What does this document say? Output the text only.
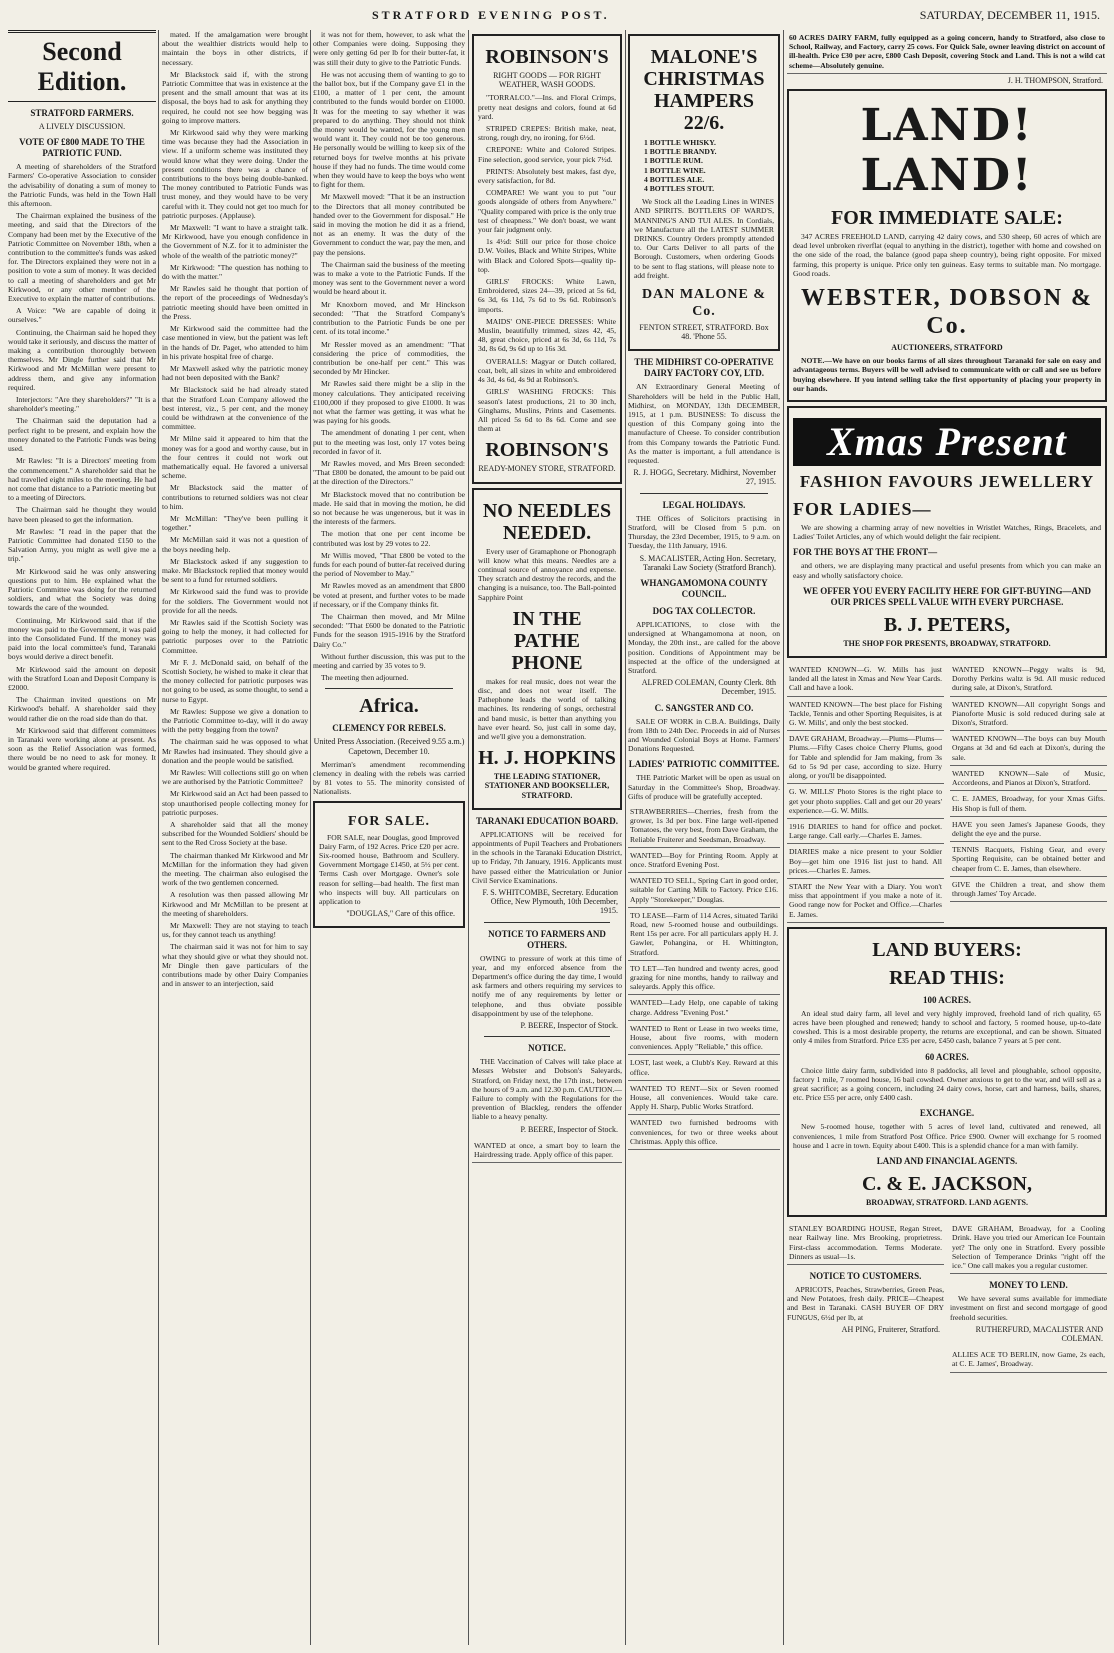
STRATFORD EVENING POST.	SATURDAY, DECEMBER 11, 1915.
Second Edition.
STRATFORD FARMERS.
A LIVELY DISCUSSION.
VOTE OF £800 MADE TO THE PATRIOTIC FUND.
A meeting of shareholders of the Stratford Farmers' Co-operative Association to consider the advisability of donating a sum of money to the Patriotic Funds, was held in the Town Hall this afternoon.
The Chairman explained the business of the meeting, and said that the Directors of the Company had been met by the Executive of the Patriotic Committee on November 18th, when a contribution to the committee's funds was asked for. The Directors explained they were not in a position to vote a sum of money. It was decided to call a meeting of shareholders and get Mr Kirkwood, or any other member of the Executive to explain the matter of contributions.
A Voice: "We are capable of doing it ourselves."
Continuing, the Chairman said he hoped they would take it seriously, and discuss the matter of making a contribution thoroughly between themselves. Mr Dingle further said that Mr Kirkwood and Mr McMillan were present to address them, and give any information required.
Interjectors: "Are they shareholders?" "It is a shareholder's meeting."
The Chairman said the deputation had a perfect right to be present, and explain how the money donated to the Patriotic Funds was being used.
Mr Rawles: "It is a Directors' meeting from the commencement." A shareholder said that he had travelled eight miles to the meeting. He had not come that distance to a Patriotic meeting but to a meeting of Directors.
The Chairman said he thought they would have been pleased to get the information.
Mr Rawles: "I read in the paper that the Patriotic Committee had donated £150 to the Salvation Army, you might as well give me a trip."
Mr Kirkwood said he was only answering questions put to him. He explained what the Patriotic Committee was doing for the returned soldiers, and what the Society was doing towards the care of the wounded.
Continuing, Mr Kirkwood said that if the money was paid to the Government, it was paid into the Consolidated Fund. If the money was paid into the local committee's fund, Taranaki boys would derive a direct benefit.
Mr Kirkwood said the amount on deposit with the Stratford Loan and Deposit Company is £2000.
The Chairman invited questions on Mr Kirkwood's behalf. A shareholder said they would rather die on the road side than do that.
Mr Kirkwood said that different committees in Taranaki were working alone at present. As soon as the Relief Association was formed, there would be no need to ask for money. It would be granted where required.
mated. If the amalgamation were brought about the wealthier districts would help to maintain the boys in other districts, if necessary.
Mr Blackstock said if, with the strong Patriotic Committee that was in existence at the present and the small amount that was at its disposal, the boys had to ask for anything they required, he could not see how begging was going to improve matters.
Mr Kirkwood said why they were marking time was because they had the Association in view. If a uniform scheme was instituted they would know what they were doing. Under the present conditions there was a chance of contributions to the boys being double-banked. The money contributed to Patriotic Funds was trust money, and they would have to be very careful with it. They could not get too much for patriotic purposes. (Applause).
Mr Maxwell: "I want to have a straight talk. Mr Kirkwood, have you enough confidence in the Government of N.Z. for it to administer the whole of the wealth of the patriotic money?"
Mr Kirkwood: "The question has nothing to do with the matter."
Mr Rawles said he thought that portion of the report of the proceedings of Wednesday's patriotic meeting should have been omitted in the Press.
Mr Kirkwood said the committee had the case mentioned in view, but the patient was left in the hands of Dr. Paget, who attended to him in his private hospital free of charge.
Mr Maxwell asked why the patriotic money had not been deposited with the Bank?
Mr Blackstock said he had already stated that the Stratford Loan Company allowed the best interest, viz., 5 per cent, and the money could be withdrawn at the convenience of the committee.
Mr Milne said it appeared to him that the money was for a good and worthy cause, but in the four centres it could not work out mathematically equal. He favored a universal scheme.
Mr Blackstock said the matter of contributions to returned soldiers was not clear to him.
Mr McMillan: "They've been pulling it together."
Mr McMillan said it was not a question of the boys needing help.
Mr Blackstock asked if any suggestion to make. Mr Blackstock replied that money would be sent to a fund for returned soldiers.
Mr Kirkwood said the fund was to provide for the soldiers. The Government would not provide for all the needs.
Mr Rawles said if the Scottish Society was going to help the money, it had collected for patriotic purposes over to the Patriotic Committee.
Mr F. J. McDonald said, on behalf of the Scottish Society, he wished to make it clear that the money collected for patriotic purposes was not going to be used, as some thought, to send a nurse to Egypt.
Mr Rawles: Suppose we give a donation to the Patriotic Committee to-day, will it do away with the petty begging from the town?
The chairman said he was opposed to what Mr Rawles had insinuated. They should give a donation and the people would be satisfied.
Mr Rawles: Will collections still go on when we are authorised by the Patriotic Committee?
Mr Kirkwood said an Act had been passed to stop unauthorised people collecting money for patriotic purposes.
A shareholder said that all the money subscribed for the Wounded Soldiers' should be sent to the Red Cross Society at the base.
The chairman thanked Mr Kirkwood and Mr McMillan for the information they had given the meeting. The chairman also eulogised the work of the two gentlemen concerned.
A resolution was then passed allowing Mr Kirkwood and Mr McMillan to be present at the meeting of shareholders.
Mr Maxwell: They are not staying to teach us, for they cannot teach us anything!
The chairman said it was not for him to say what they should give or what they should not. Mr Dingle then gave particulars of the contributions made by other Dairy Companies and in answer to an interjection, said
it was not for them, however, to ask what the other Companies were doing. Supposing they were only getting 6d per lb for their butter-fat, it was still their duty to give to the Patriotic Funds.
He was not accusing them of wanting to go to the ballot box, but if the Company gave £1 in the £100, a matter of 1 per cent, the amount contributed to the funds would border on £1000. It was for the meeting to say whether it was prepared to do anything. They should not think the money would be wanted, for the young men would want it. They could not be too generous. He personally would be willing to keep six of the returned boys for twelve months at his private house if they had no funds. The time would come when they would have to keep the boys who went to fight for them.
Mr Maxwell moved: "That it be an instruction to the Directors that all money contributed be handed over to the Government for disposal." He said in moving the motion he did it as a friend, not as an enemy. It was the duty of the Government to conduct the war, pay the men, and pay the pensions.
The Chairman said the business of the meeting was to make a vote to the Patriotic Funds. If the money was sent to the Government never a word would be heard about it.
Mr Knoxborn moved, and Mr Hinckson seconded: "That the Stratford Company's contribution to the Patriotic Funds be one per cent. of its total income."
Mr Ressler moved as an amendment: "That considering the price of commodities, the contribution be one-half per cent." This was seconded by Mr Hincker.
Mr Rawles said there might be a slip in the money calculations. They anticipated receiving £100,000 if they proposed to give £1000. It was not what the farmer was getting, it was what he was paying for his goods.
The amendment of donating 1 per cent, when put to the meeting was lost, only 17 votes being recorded in favor of it.
Mr Rawles moved, and Mrs Breen seconded: "That £800 be donated, the amount to be paid out at the direction of the Directors."
Mr Blackstock moved that no contribution be made. He said that in moving the motion, he did so not because he was ungenerous, but it was in the interests of the farmers.
The motion that one per cent income be contributed was lost by 29 votes to 22.
Mr Willis moved, "That £800 be voted to the funds for each pound of butter-fat received during the period of November to May."
Mr Rawles moved as an amendment that £800 be voted at present, and further votes to be made if necessary, or if the Company thinks fit.
The Chairman then moved, and Mr Milne seconded: "That £600 be donated to the Patriotic Funds for the season 1915-1916 by the Stratford Dairy Co."
Without further discussion, this was put to the meeting and carried by 35 votes to 9.
The meeting then adjourned.
Africa.
CLEMENCY FOR REBELS.
United Press Association. (Received 9.55 a.m.) Capetown, December 10.
Merriman's amendment recommending clemency in dealing with the rebels was carried by 81 votes to 55. The minority consisted of Nationalists.
FOR SALE.
FOR SALE, near Douglas, good Improved Dairy Farm, of 192 Acres. Price £20 per acre. Six-roomed house, Bathroom and Scullery. Government Mortgage £1450, at 5½ per cent. Terms Cash over Mortgage. Owner's sole reason for selling—bad health. The first man who inspects will buy. All particulars on application to
"DOUGLAS," Care of this office.
ROBINSON'S
RIGHT GOODS — FOR RIGHT WEATHER, WASH GOODS.
"TORRALCO."—Ins. and Floral Crimps, pretty neat designs and colors, found at 6d yard.
STRIPED CREPES: British make, neat, strong, rough dry, no ironing, for 6½d.
CREPONE: White and Colored Stripes. Fine selection, good service, your pick 7½d.
PRINTS: Absolutely best makes, fast dye, every satisfaction, for 8d.
COMPARE! We want you to put "our goods alongside of others from Anywhere." "Quality compared with price is the only true test of cheapness." We don't boast, we want your fair judgment only.
1s 4½d: Still our price for those choice D.W. Voiles, Black and White Stripes, White with Black and Colored Spots—quality tip-top.
GIRLS' FROCKS: White Lawn, Embroidered, sizes 24—39, priced at 5s 6d, 6s 3d, 6s 11d, 7s 6d to 9s 6d. Robinson's imports.
MAIDS' ONE-PIECE DRESSES: White Muslin, beautifully trimmed, sizes 42, 45, 48, great choice, priced at 6s 3d, 6s 11d, 7s 3d, 8s 6d, 9s 6d up to 16s 3d.
OVERALLS: Magyar or Dutch collared, coat, belt, all sizes in white and embroidered 4s 3d, 4s 6d, 4s 9d at Robinson's.
GIRLS' WASHING FROCKS: This season's latest productions, 21 to 30 inch, Ginghams, Muslins, Prints and Casements. All priced 5s 6d to 8s 6d. Come and see them at
ROBINSON'S
READY-MONEY STORE, STRATFORD.
NO NEEDLES NEEDED.
Every user of Gramaphone or Phonograph will know what this means. Needles are a continual source of annoyance and expense. They scratch and destroy the records, and the changing is a nuisance, too. The Ball-pointed Sapphire Point
IN THE PATHE PHONE
makes for real music, does not wear the disc, and does not wear itself. The Pathephone leads the world of talking machines. Its rendering of songs, orchestral and band music, is better than anything you have ever heard. So, just call in some day, and we'll give you a demonstration.
H. J. HOPKINS
THE LEADING STATIONER, STATIONER AND BOOKSELLER, STRATFORD.
TARANAKI EDUCATION BOARD.
APPLICATIONS will be received for appointments of Pupil Teachers and Probationers in the schools in the Taranaki Education District, up to Friday, 7th January, 1916. Applicants must have passed either the Matriculation or Junior Civil Service Examinations.
F. S. WHITCOMBE, Secretary. Education Office, New Plymouth, 10th December, 1915.
NOTICE TO FARMERS AND OTHERS.
OWING to pressure of work at this time of year, and my enforced absence from the Department's office during the day time, I would ask farmers and others requiring my services to notify me of any requirements by letter or telephone, and thus obviate possible disappointment by use of the telephone.
P. BEERE, Inspector of Stock.
NOTICE.
THE Vaccination of Calves will take place at Messrs Webster and Dobson's Saleyards, Stratford, on Friday next, the 17th inst., between the hours of 9 a.m. and 12.30 p.m. CAUTION.—Failure to comply with the Regulations for the prevention of Blackleg, renders the offender liable to a heavy penalty.
P. BEERE, Inspector of Stock.
WANTED at once, a smart boy to learn the Hairdressing trade. Apply office of this paper.
MALONE'S CHRISTMAS HAMPERS 22/6.
1 BOTTLE WHISKY.
1 BOTTLE BRANDY.
1 BOTTLE RUM.
1 BOTTLE WINE.
4 BOTTLES ALE.
4 BOTTLES STOUT.
We Stock all the Leading Lines in WINES AND SPIRITS. BOTTLERS OF WARD'S, MANNING'S AND TUI ALES. In Cordials, we Manufacture all the LATEST SUMMER DRINKS. Country Orders promptly attended to. Our Carts Deliver to all parts of the Borough. Customers, when ordering Goods to be sent to flag stations, will please note to add freight.
DAN MALONE & Co.
FENTON STREET, STRATFORD. Box 48. 'Phone 55.
THE MIDHIRST CO-OPERATIVE DAIRY FACTORY COY, LTD.
AN Extraordinary General Meeting of Shareholders will be held in the Public Hall, Midhirst, on MONDAY, 13th DECEMBER, 1915, at 1 p.m. BUSINESS: To discuss the question of this Company going into the manufacture of Cheese. To consider contribution from this Company towards the Patriotic Fund. As the matter is important, a full attendance is requested.
R. J. HOGG, Secretary. Midhirst, November 27, 1915.
LEGAL HOLIDAYS.
THE Offices of Solicitors practising in Stratford, will be Closed from 5 p.m. on Thursday, the 23rd December, 1915, to 9 a.m. on Tuesday, the 11th January, 1916.
S. MACALISTER, Acting Hon. Secretary, Taranaki Law Society (Stratford Branch).
WHANGAMOMONA COUNTY COUNCIL.
DOG TAX COLLECTOR.
APPLICATIONS, to close with the undersigned at Whangamomona at noon, on Monday, the 20th inst., are called for the above position. Conditions of Appointment may be inspected at the office of the undersigned at Stratford.
ALFRED COLEMAN, County Clerk. 8th December, 1915.
C. SANGSTER AND CO.
SALE OF WORK in C.B.A. Buildings, Daily from 18th to 24th Dec. Proceeds in aid of Nurses and Wounded Colonial Boys at Home. Farmers' Donations Requested.
LADIES' PATRIOTIC COMMITTEE.
THE Patriotic Market will be open as usual on Saturday in the Committee's Shop, Broadway. Gifts of produce will be gratefully accepted.
STRAWBERRIES—Cherries, fresh from the grower, 1s 3d per box. Fine large well-ripened Tomatoes, the very best, from Dave Graham, the Reliable Fruiterer and Seedsman, Broadway.
WANTED—Boy for Printing Room. Apply at once. Stratford Evening Post.
WANTED TO SELL, Spring Cart in good order, suitable for Carting Milk to Factory. Price £16. Apply "Storekeeper," Douglas.
TO LEASE—Farm of 114 Acres, situated Tariki Road, new 5-roomed house and outbuildings. Rent 15s per acre. For all particulars apply H. J. Gawler, Pohangina, or H. Whittington, Stratford.
TO LET—Ten hundred and twenty acres, good grazing for nine months, handy to railway and saleyards. Apply this office.
WANTED—Lady Help, one capable of taking charge. Address "Evening Post."
WANTED to Rent or Lease in two weeks time, House, about five rooms, with modern conveniences. Apply "Reliable," this office.
LOST, last week, a Clubb's Key. Reward at this office.
WANTED TO RENT—Six or Seven roomed House, all conveniences. Would take care. Apply H. Sharp, Public Works Stratford.
WANTED two furnished bedrooms with conveniences, for two or three weeks about Christmas. Apply this office.
60 ACRES DAIRY FARM, fully equipped as a going concern, handy to Stratford, also close to School, Railway, and Factory, carry 25 cows. For Quick Sale, owner leaving district on account of ill-health. Price £30 per acre, £800 Cash Deposit, covering Stock and Land. This is not a wild cat scheme—Absolutely genuine.
J. H. THOMPSON, Stratford.
LAND! LAND!
FOR IMMEDIATE SALE:
347 ACRES FREEHOLD LAND, carrying 42 dairy cows, and 530 sheep, 60 acres of which are dead level unbroken riverflat (equal to anything in the district), together with home and cowshed on the one side of the road, the balance (good papa sheep country), being right opposite. For mixed farming, this property is unique. Price only ten guineas. Easy terms to suitable man. No mortgage. Good roads.
WEBSTER, DOBSON & Co.
AUCTIONEERS, STRATFORD
NOTE.—We have on our books farms of all sizes throughout Taranaki for sale on easy and advantageous terms. Buyers will be well advised to communicate with or call and see us before buying elsewhere. If you intend selling take the first opportunity of placing your property in our hands.
Xmas Present
FASHION FAVOURS JEWELLERY
FOR LADIES—
We are showing a charming array of new novelties in Wristlet Watches, Rings, Bracelets, and Ladies' Toilet Articles, any of which would delight the fair recipient.
FOR THE BOYS AT THE FRONT—
and others, we are displaying many practical and useful presents from which you can make an easy and wholly satisfactory choice.
WE OFFER YOU EVERY FACILITY HERE FOR GIFT-BUYING—AND OUR PRICES SPELL VALUE WITH EVERY PURCHASE.
B. J. PETERS,
THE SHOP FOR PRESENTS, BROADWAY, STRATFORD.
WANTED KNOWN—G. W. Mills has just landed all the latest in Xmas and New Year Cards. Call and have a look.
WANTED KNOWN—The best place for Fishing Tackle, Tennis and other Sporting Requisites, is at G. W. Mills', and only the best stocked.
DAVE GRAHAM, Broadway.—Plums—Plums—Plums.—Fifty Cases choice Cherry Plums, good for Table and splendid for Jam making, from 3s 6d to 5s 9d per case, according to size. Hurry along, or you'll be disappointed.
G. W. MILLS' Photo Stores is the right place to get your photo supplies. Call and get our 20 years' experience.—G. W. Mills.
1916 DIARIES to hand for office and pocket. Large range. Call early.—Charles E. James.
DIARIES make a nice present to your Soldier Boy—get him one 1916 list just to hand. All prices.—Charles E. James.
START the New Year with a Diary. You won't miss that appointment if you make a note of it. Good range now for Pocket and Office.—Charles E. James.
WANTED KNOWN—Peggy walts is 9d, Dorothy Perkins waltz is 9d. All music reduced during sale, at Dixon's, Stratford.
WANTED KNOWN—All copyright Songs and Pianoforte Music is sold reduced during sale at Dixon's, Stratford.
WANTED KNOWN—The boys can buy Mouth Organs at 3d and 6d each at Dixon's, during the sale.
WANTED KNOWN—Sale of Music, Accordeons, and Pianos at Dixon's, Stratford.
C. E. JAMES, Broadway, for your Xmas Gifts. His Shop is full of them.
HAVE you seen James's Japanese Goods, they delight the eye and the purse.
TENNIS Racquets, Fishing Gear, and every Sporting Requisite, can be obtained better and cheaper from C. E. James, than elsewhere.
GIVE the Children a treat, and show them through James' Toy Arcade.
LAND BUYERS:
READ THIS:
100 ACRES.
An ideal stud dairy farm, all level and very highly improved, freehold land of rich quality, 65 acres have been ploughed and renewed; handy to school and factory, 5 roomed house, up-to-date cowshed. This is a most desirable property, the returns are exceptional, and can be shown. Situated only 4 miles from Stratford. Price £35 per acre, £450 cash, balance 7 years at 5 per cent.
60 ACRES.
Choice little dairy farm, subdivided into 8 paddocks, all level and ploughable, school opposite, factory 1 mile, 7 roomed house, 16 bail cowshed. Owner anxious to get to the war, and will sell as a great sacrifice; as a going concern, including 24 dairy cows, horse, cart and harness, bails, shares, etc. Price £55 per acre, only £400 cash.
EXCHANGE.
New 5-roomed house, together with 5 acres of level land, cultivated and renewed, all conveniences, 1 mile from Stratford Post Office. Price £900. Owner will exchange for 5 roomed house and 1 acre in town. Equity about £400. This is a splendid chance for a man with family.
LAND AND FINANCIAL AGENTS.
C. & E. JACKSON,
BROADWAY, STRATFORD. LAND AGENTS.
STANLEY BOARDING HOUSE, Regan Street, near Railway line. Mrs Brooking, proprietress. First-class accommodation. Terms Moderate. Dinners as usual—1s.
NOTICE TO CUSTOMERS.
APRICOTS, Peaches, Strawberries, Green Peas, and New Potatoes, fresh daily. PRICE—Cheapest and Best in Taranaki. CASH BUYER OF DRY FUNGUS, 6½d per lb, at
AH PING, Fruiterer, Stratford.
DAVE GRAHAM, Broadway, for a Cooling Drink. Have you tried our American Ice Fountain yet? The only one in Stratford. Every possible Selection of Temperance Drinks "right off the ice." One call makes you a regular customer.
MONEY TO LEND.
We have several sums available for immediate investment on first and second mortgage of good freehold securities.
RUTHERFURD, MACALISTER AND COLEMAN.
ALLIES ACE TO BERLIN, now Game, 2s each, at C. E. James', Broadway.
